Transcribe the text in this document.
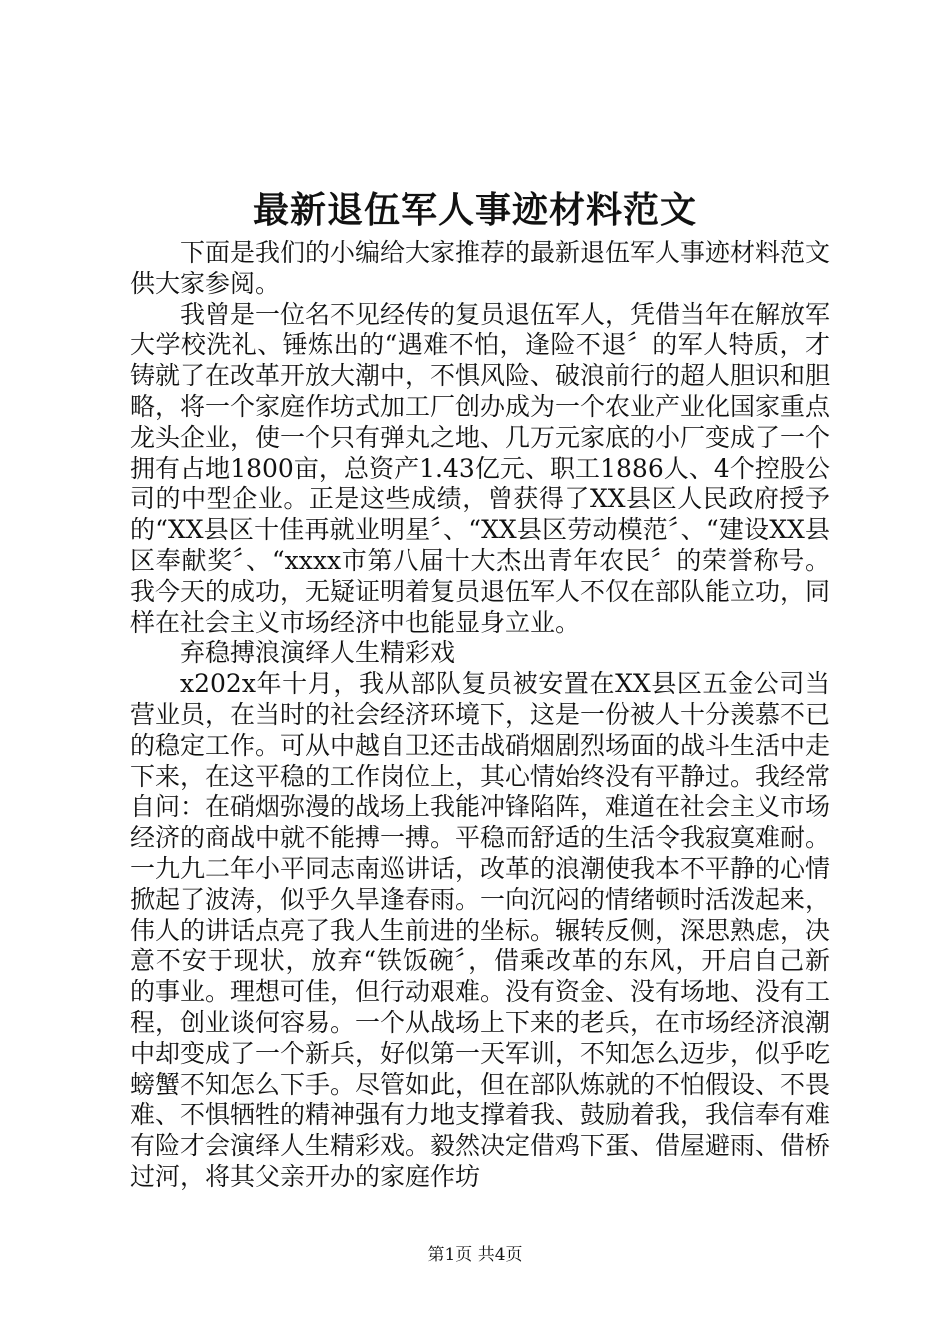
最新退伍军人事迹材料范文

下面是我们的小编给大家推荐的最新退伍军人事迹材料范文供大家参阅。

我曾是一位名不见经传的复员退伍军人，凭借当年在解放军大学校洗礼、锤炼出的“遇难不怕，逢险不退〞的军人特质，才铸就了在改革开放大潮中，不惧风险、破浪前行的超人胆识和胆略，将一个家庭作坊式加工厂创办成为一个农业产业化国家重点龙头企业，使一个只有弹丸之地、几万元家底的小厂变成了一个拥有占地1800亩，总资产1.43亿元、职工1886人、4个控股公司的中型企业。正是这些成绩，曾获得了XX县区人民政府授予的“XX县区十佳再就业明星〞、“XX县区劳动模范〞、“建设XX县区奉献奖〞、“xxxx市第八届十大杰出青年农民〞的荣誉称号。我今天的成功，无疑证明着复员退伍军人不仅在部队能立功，同样在社会主义市场经济中也能显身立业。

弃稳搏浪演绎人生精彩戏

x202x年十月，我从部队复员被安置在XX县区五金公司当营业员，在当时的社会经济环境下，这是一份被人十分羡慕不已的稳定工作。可从中越自卫还击战硝烟剧烈场面的战斗生活中走下来，在这平稳的工作岗位上，其心情始终没有平静过。我经常自问：在硝烟弥漫的战场上我能冲锋陷阵，难道在社会主义市场经济的商战中就不能搏一搏。平稳而舒适的生活令我寂寞难耐。一九九二年小平同志南巡讲话，改革的浪潮使我本不平静的心情掀起了波涛，似乎久旱逢春雨。一向沉闷的情绪顿时活泼起来，伟人的讲话点亮了我人生前进的坐标。辗转反侧，深思熟虑，决意不安于现状，放弃“铁饭碗〞，借乘改革的东风，开启自己新的事业。理想可佳，但行动艰难。没有资金、没有场地、没有工程，创业谈何容易。一个从战场上下来的老兵，在市场经济浪潮中却变成了一个新兵，好似第一天军训，不知怎么迈步，似乎吃螃蟹不知怎么下手。尽管如此，但在部队炼就的不怕假设、不畏难、不惧牺牲的精神强有力地支撑着我、鼓励着我，我信奉有难有险才会演绎人生精彩戏。毅然决定借鸡下蛋、借屋避雨、借桥过河，将其父亲开办的家庭作坊

第1页 共4页
